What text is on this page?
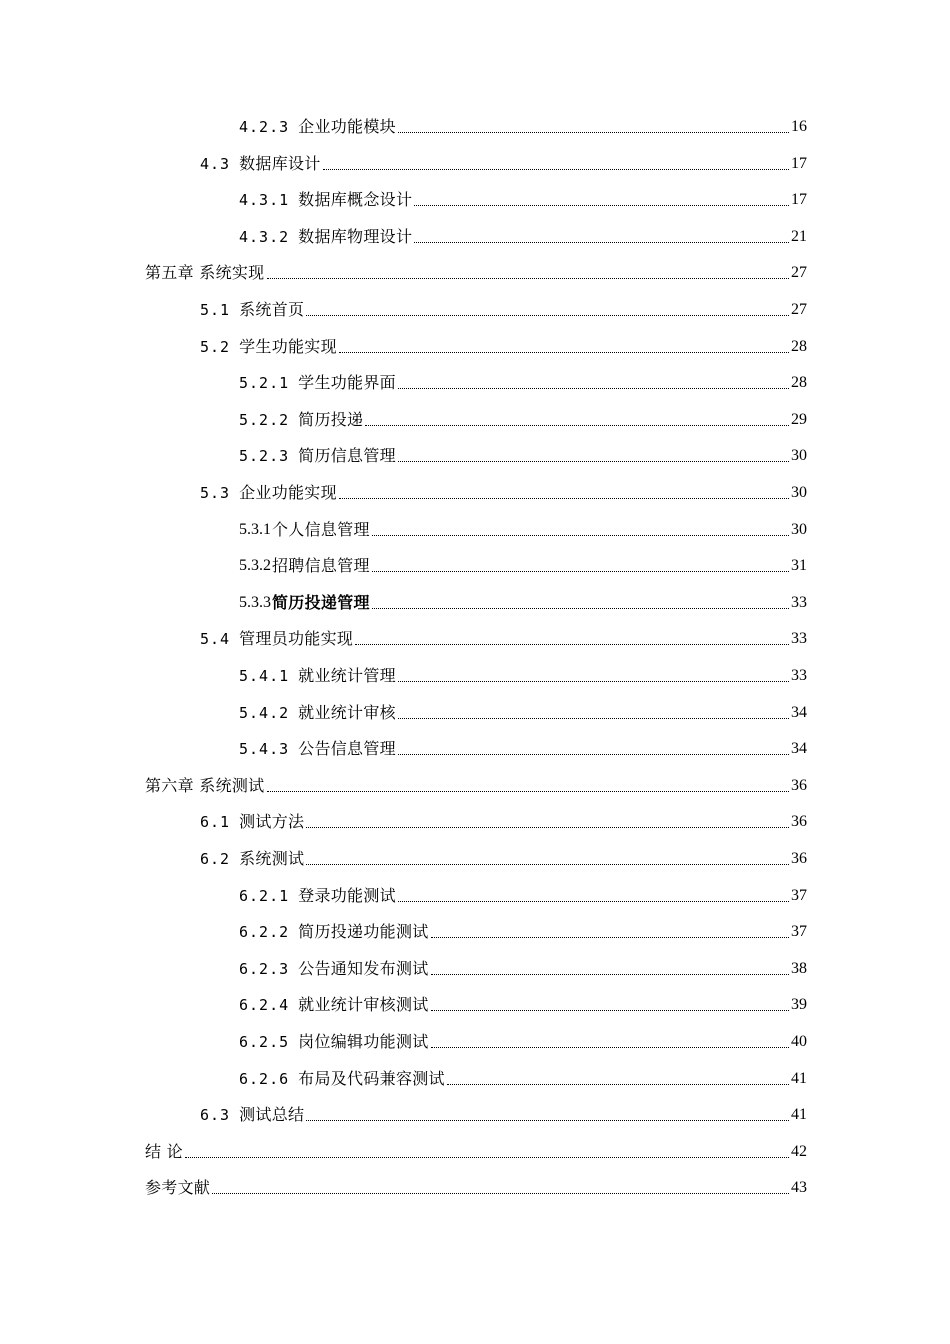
4.2.3 企业功能模块	16
4.3 数据库设计	17
4.3.1 数据库概念设计	17
4.3.2 数据库物理设计	21
第五章 系统实现	27
5.1 系统首页	27
5.2 学生功能实现	28
5.2.1 学生功能界面	28
5.2.2 简历投递	29
5.2.3 简历信息管理	30
5.3 企业功能实现	30
5.3.1 个人信息管理	30
5.3.2 招聘信息管理	31
5.3.3 简历投递管理	33
5.4 管理员功能实现	33
5.4.1 就业统计管理	33
5.4.2 就业统计审核	34
5.4.3 公告信息管理	34
第六章 系统测试	36
6.1 测试方法	36
6.2 系统测试	36
6.2.1 登录功能测试	37
6.2.2 简历投递功能测试	37
6.2.3 公告通知发布测试	38
6.2.4 就业统计审核测试	39
6.2.5 岗位编辑功能测试	40
6.2.6 布局及代码兼容测试	41
6.3 测试总结	41
结 论	42
参考文献	43
